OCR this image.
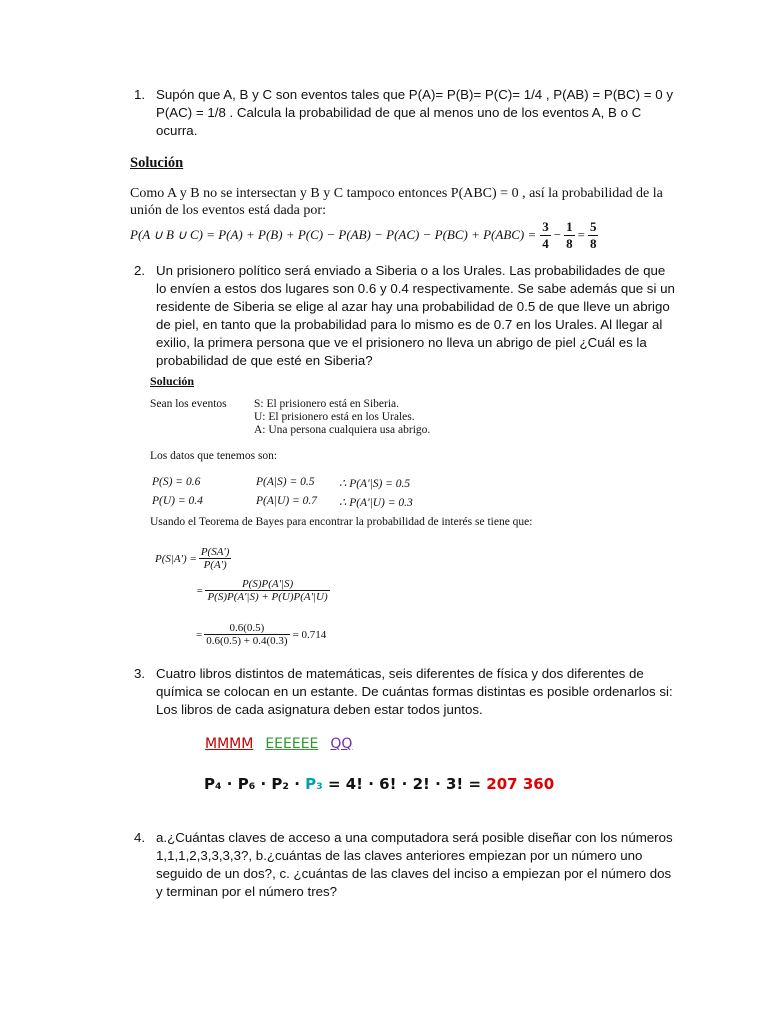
1. Supón que A, B y C son eventos tales que P(A)= P(B)= P(C)= 1/4 , P(AB) = P(BC) = 0 y

P(AC) = 1/8 . Calcula la probabilidad de que al menos uno de los eventos A, B o C

ocurra.

Solución
Como A y B no se intersectan y B y C tampoco entonces P(ABC) = 0 , así la probabilidad de la
unión de los eventos está dada por:
P(A ∪ B ∪ $C) = P(A) + P(B) + P(C) - P(AB) - P(AC) - P(BC) + P(ABC) = \frac{3}{4} - \frac{1}{8} = \frac{5}{8}$
2. Un prisionero político será enviado a Siberia o a los Urales. Las probabilidades de que

lo envíen a estos dos lugares son 0.6 y 0.4 respectivamente. Se sabe además que si un

residente de Siberia se elige al azar hay una probabilidad de 0.5 de que lleve un abrigo

de piel, en tanto que la probabilidad para lo mismo es de 0.7 en los Urales. Al llegar al

exilio, la primera persona que ve el prisionero no lleva un abrigo de piel ¿Cuál es la

probabilidad de que esté en Siberia?

Solución
Sean los eventos S: El prisionero está en Siberia.
U: El prisionero está en los Urales.
A: Una persona cualquiera usa abrigo.
Los datos que tenemos son:
P(S) = 0.6	P(A|S) = 0.5 ∴ P(A'|S) = 0.5
P(U) = 0.4	P(A|U) = 0.7 ∴ P(A'|U) = 0.3
Usando el Teorema de Bayes para encontrar la probabilidad de interés se tiene que:
$P(S|A') = \frac{P(SA')}{P(A')}$
= $\frac{P(S)P(A'|S)}{P(S)P(A'|S) + P(U)P(A'|U)}$
= $\frac{0.6(0.5)}{0.6(0.5) + 0.4(0.3)} = 0.714$
3. Cuatro libros distintos de matemáticas, seis diferentes de física y dos diferentes de

química se colocan en un estante. De cuántas formas distintas es posible ordenarlos si:

Los libros de cada asignatura deben estar todos juntos.

MMMM EEEEEE QQ
P₄ · P₆ · P₂ · P₃ = 4! · 6! · 2! · 3! = 207 360
4. a.¿Cuántas claves de acceso a una computadora será posible diseñar con los números

1,1,1,2,3,3,3,3?, b.¿cuántas de las claves anteriores empiezan por un número uno

seguido de un dos?, c. ¿cuántas de las claves del inciso a empiezan por el número dos

y terminan por el número tres?
